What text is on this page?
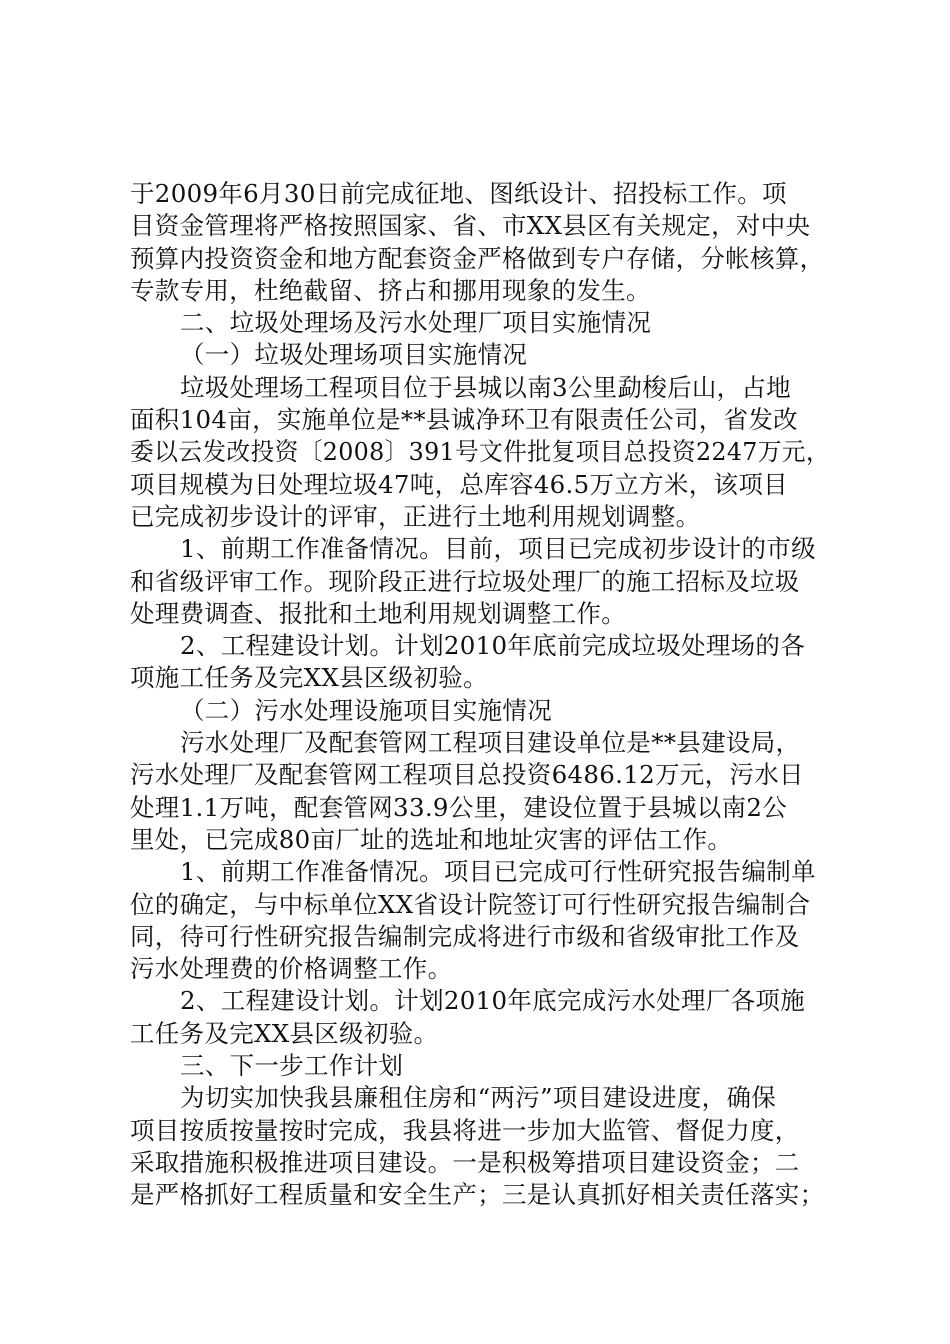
于2009年6月30日前完成征地、图纸设计、招投标工作。项
目资金管理将严格按照国家、省、市XX县区有关规定，对中央
预算内投资资金和地方配套资金严格做到专户存储，分帐核算，
专款专用，杜绝截留、挤占和挪用现象的发生。
二、垃圾处理场及污水处理厂项目实施情况
（一）垃圾处理场项目实施情况
垃圾处理场工程项目位于县城以南3公里勐梭后山，占地
面积104亩，实施单位是**县诚净环卫有限责任公司，省发改
委以云发改投资〔2008〕391号文件批复项目总投资2247万元，
项目规模为日处理垃圾47吨，总库容46.5万立方米，该项目
已完成初步设计的评审，正进行土地利用规划调整。
1、前期工作准备情况。目前，项目已完成初步设计的市级
和省级评审工作。现阶段正进行垃圾处理厂的施工招标及垃圾
处理费调查、报批和土地利用规划调整工作。
2、工程建设计划。计划2010年底前完成垃圾处理场的各
项施工任务及完XX县区级初验。
（二）污水处理设施项目实施情况
污水处理厂及配套管网工程项目建设单位是**县建设局，
污水处理厂及配套管网工程项目总投资6486.12万元，污水日
处理1.1万吨，配套管网33.9公里，建设位置于县城以南2公
里处，已完成80亩厂址的选址和地址灾害的评估工作。
1、前期工作准备情况。项目已完成可行性研究报告编制单
位的确定，与中标单位XX省设计院签订可行性研究报告编制合
同，待可行性研究报告编制完成将进行市级和省级审批工作及
污水处理费的价格调整工作。
2、工程建设计划。计划2010年底完成污水处理厂各项施
工任务及完XX县区级初验。
三、下一步工作计划
为切实加快我县廉租住房和“两污”项目建设进度，确保
项目按质按量按时完成，我县将进一步加大监管、督促力度，
采取措施积极推进项目建设。一是积极筹措项目建设资金；二
是严格抓好工程质量和安全生产；三是认真抓好相关责任落实；
